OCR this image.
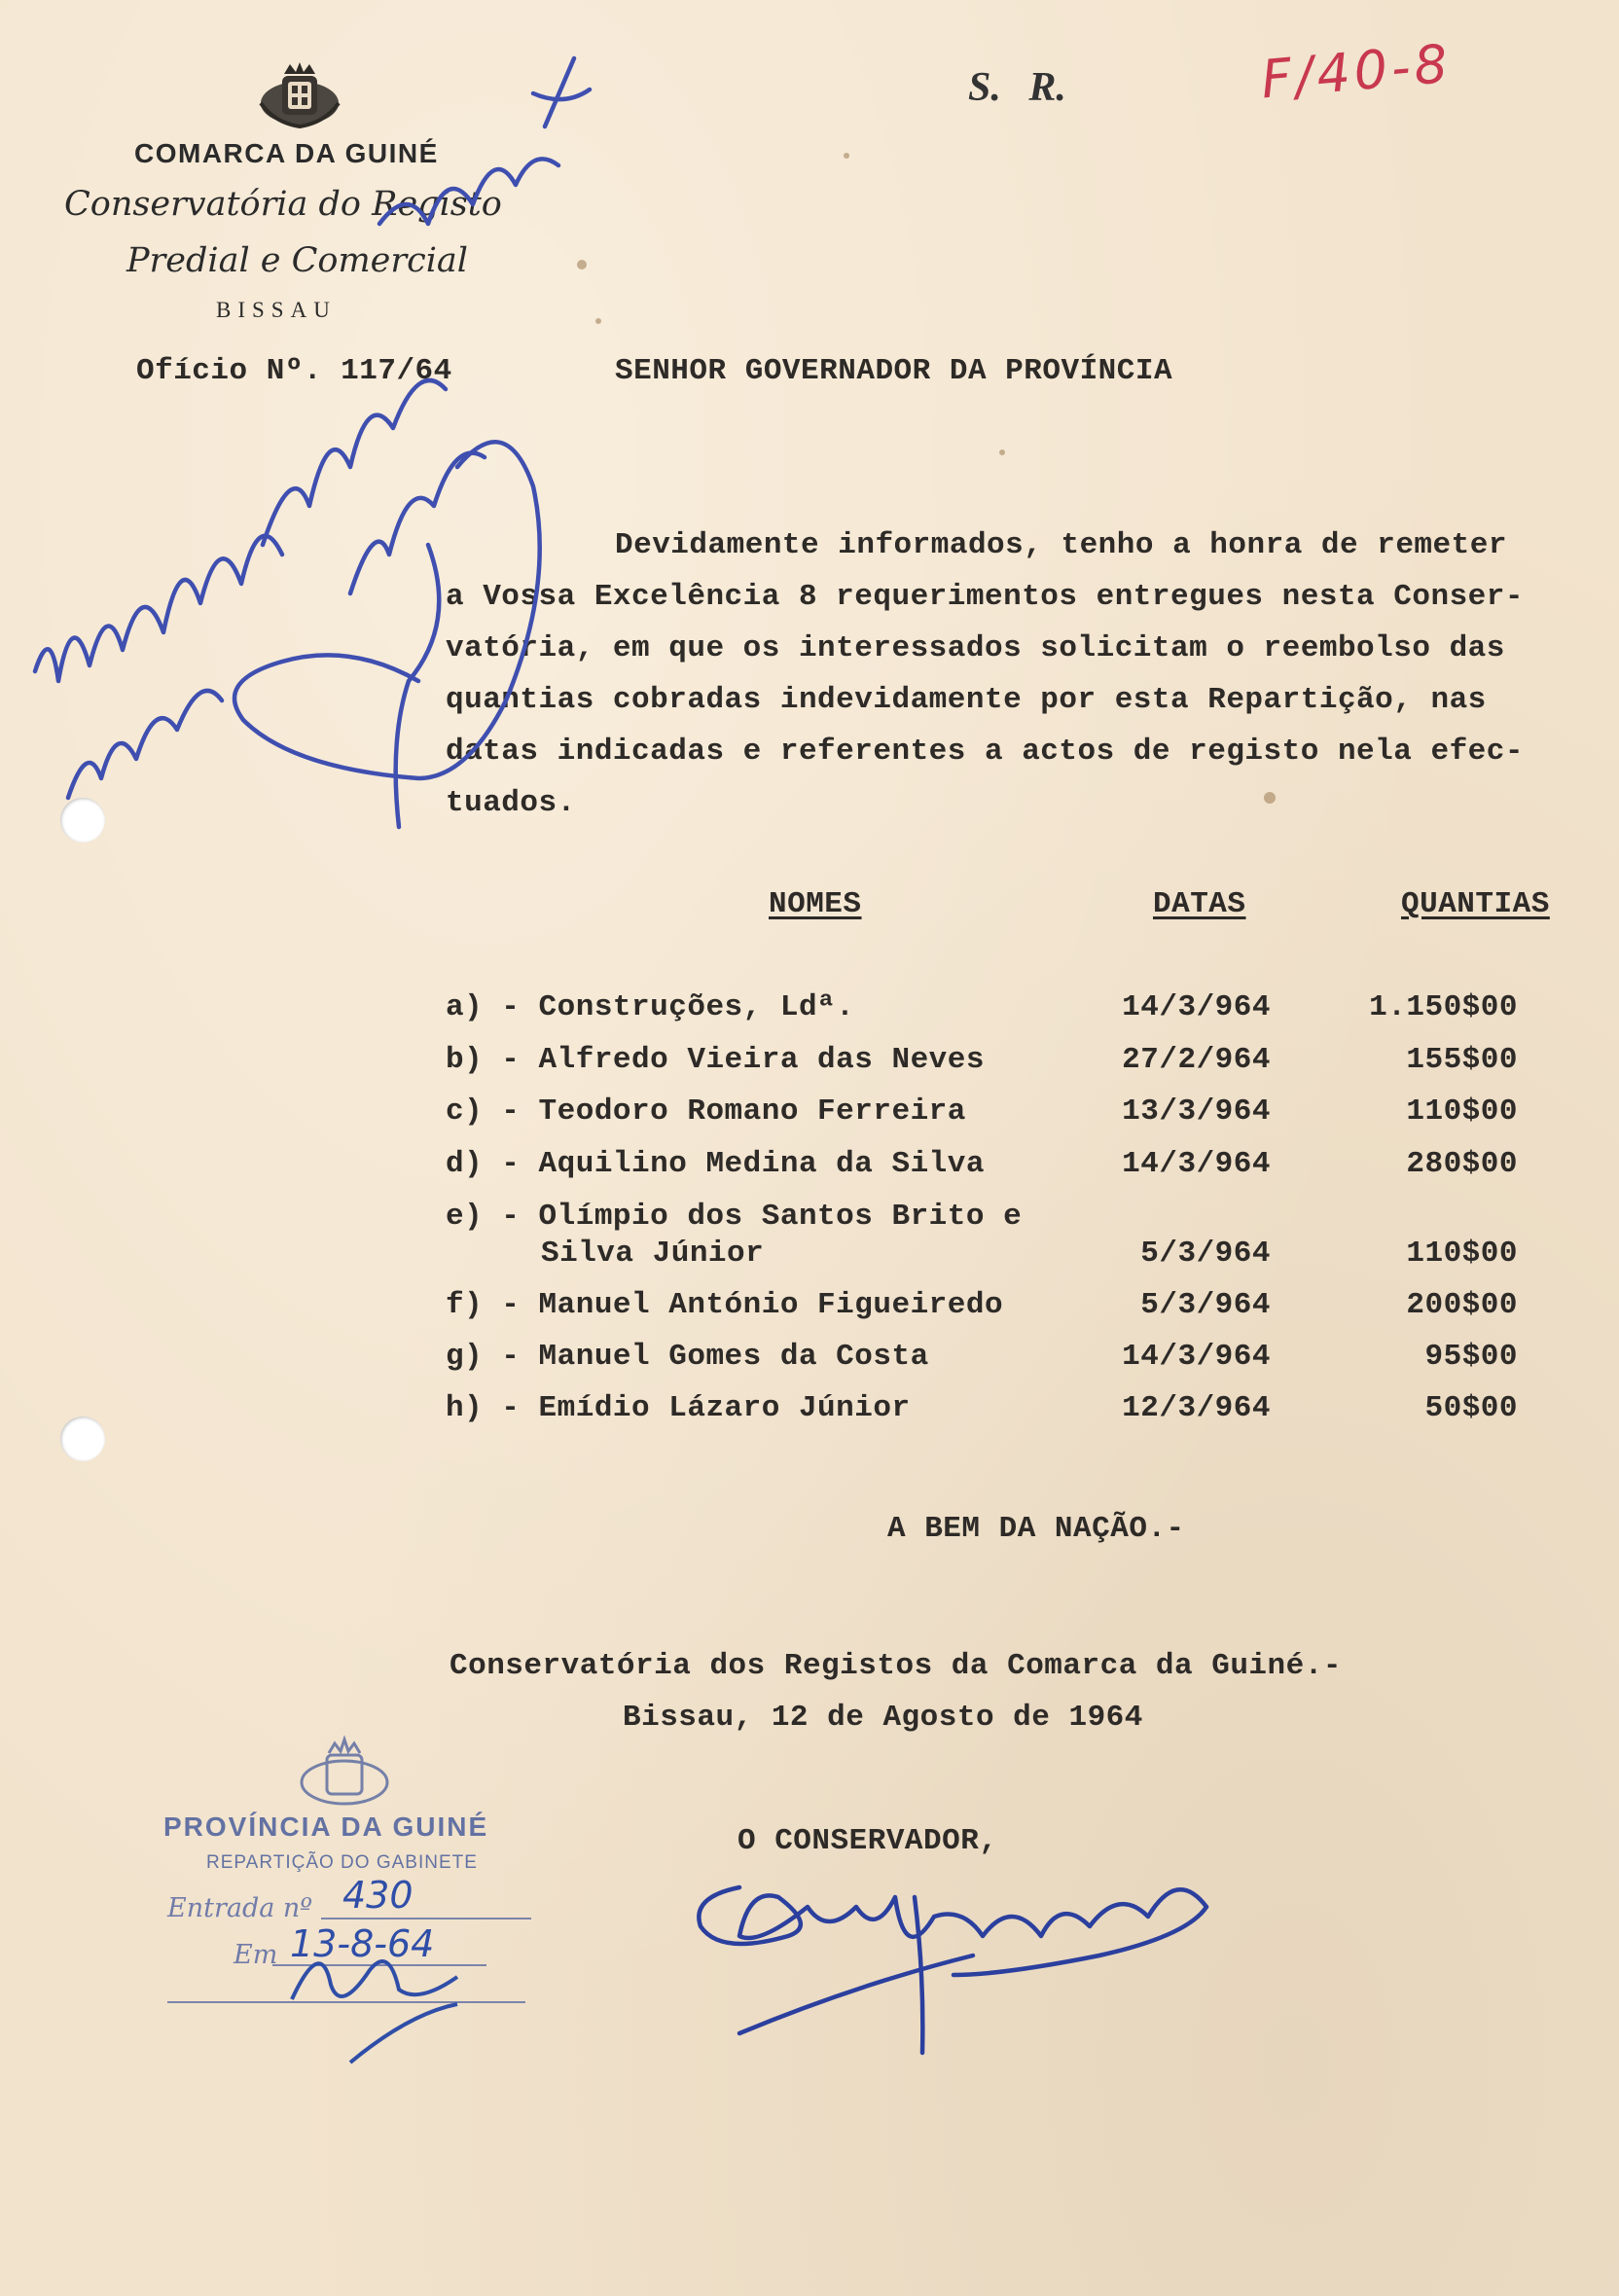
COMARCA DA GUINÉ
Conservatória do Registo
Predial e Comercial
BISSAU
S. R.	F/40-8
Ofício Nº. 117/64	SENHOR GOVERNADOR DA PROVÍNCIA
Devidamente informados, tenho a honra de remeter
a Vossa Excelência 8 requerimentos entregues nesta Conser-
vatória, em que os interessados solicitam o reembolso das
quantias cobradas indevidamente por esta Repartição, nas
datas indicadas e referentes a actos de registo nela efec-
tuados.
NOMES	DATAS	QUANTIAS
a) - Construções, Ldª.	14/3/964	1.150$00
b) - Alfredo Vieira das Neves	27/2/964	155$00
c) - Teodoro Romano Ferreira	13/3/964	110$00
d) - Aquilino Medina da Silva	14/3/964	280$00
e) - Olímpio dos Santos Brito e
Silva Júnior	5/3/964	110$00
f) - Manuel António Figueiredo	5/3/964	200$00
g) - Manuel Gomes da Costa	14/3/964	95$00
h) - Emídio Lázaro Júnior	12/3/964	50$00
A BEM DA NAÇÃO.-
Conservatória dos Registos da Comarca da Guiné.-
Bissau, 12 de Agosto de 1964
O CONSERVADOR,
PROVÍNCIA DA GUINÉ
REPARTIÇÃO DO GABINETE
Entrada nº 430
Em 13-8-64
